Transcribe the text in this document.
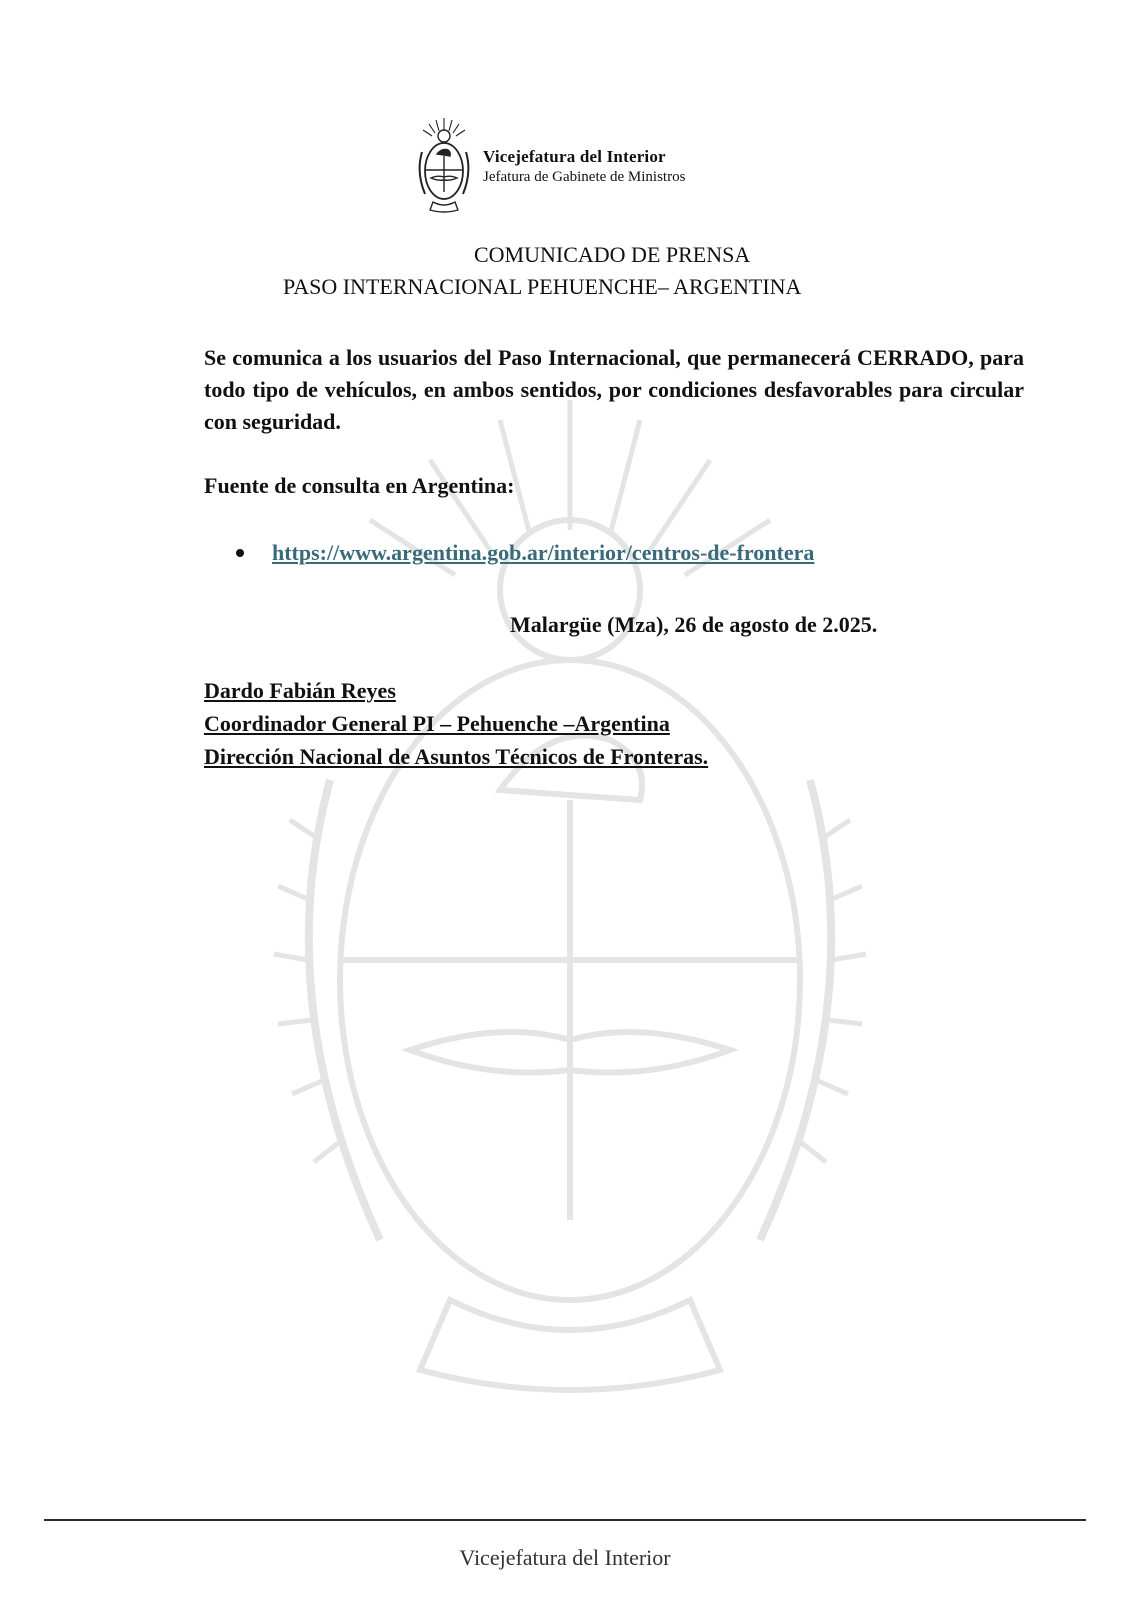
Vicejefatura del Interior
Jefatura de Gabinete de Ministros
COMUNICADO DE PRENSA
PASO INTERNACIONAL PEHUENCHE– ARGENTINA
Se comunica a los usuarios del Paso Internacional, que permanecerá CERRADO, para todo tipo de vehículos, en ambos sentidos, por condiciones desfavorables para circular con seguridad.
Fuente de consulta en Argentina:
https://www.argentina.gob.ar/interior/centros-de-frontera
Malargüe (Mza), 26 de agosto de 2.025.
Dardo Fabián Reyes
Coordinador General PI – Pehuenche –Argentina
Dirección Nacional de Asuntos Técnicos de Fronteras.
Vicejefatura del Interior
